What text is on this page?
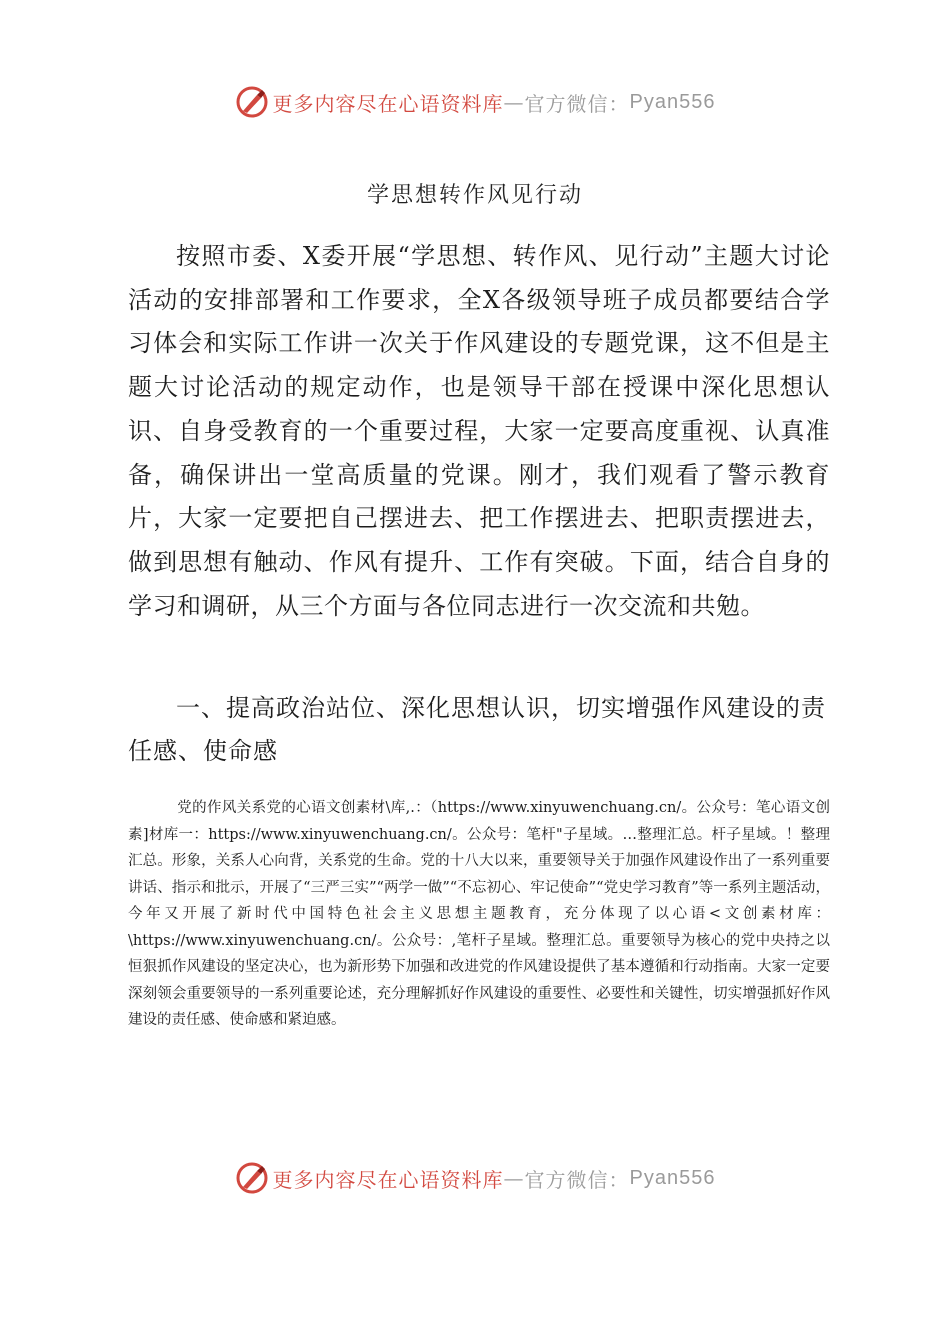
更多内容尽在心语资料库 — 官方微信： Pyan556
学思想转作风见行动

按照市委、X委开展“学思想、转作风、见行动”主题大讨论活动的安排部署和工作要求，全X各级领导班子成员都要结合学习体会和实际工作讲一次关于作风建设的专题党课，这不但是主题大讨论活动的规定动作，也是领导干部在授课中深化思想认识、自身受教育的一个重要过程，大家一定要高度重视、认真准备，确保讲出一堂高质量的党课。刚才，我们观看了警示教育片，大家一定要把自己摆进去、把工作摆进去、把职责摆进去，做到思想有触动、作风有提升、工作有突破。下面，结合自身的学习和调研，从三个方面与各位同志进行一次交流和共勉。

一、提高政治站位、深化思想认识，切实增强作风建设的责任感、使命感

党的作风关系党的心语文创素材\库,.：（https://www.xinyuwenchuang.cn/。公众号：笔心语文创素]材库一：https://www.xinyuwenchuang.cn/。公众号：笔杆"子星域。…整理汇总。杆子星域。！整理汇总。形象，关系人心向背，关系党的生命。党的十八大以来，重要领导关于加强作风建设作出了一系列重要讲话、指示和批示，开展了“三严三实”“两学一做”“不忘初心、牢记使命”“党史学习教育”等一系列主题活动，今年又开展了新时代中国特色社会主义思想主题教育，充分体现了以心语<文创素材库：\https://www.xinyuwenchuang.cn/。公众号：,笔杆子星域。整理汇总。重要领导为核心的党中央持之以恒狠抓作风建设的坚定决心，也为新形势下加强和改进党的作风建设提供了基本遵循和行动指南。大家一定要深刻领会重要领导的一系列重要论述，充分理解抓好作风建设的重要性、必要性和关键性，切实增强抓好作风建设的责任感、使命感和紧迫感。

更多内容尽在心语资料库 — 官方微信： Pyan556
